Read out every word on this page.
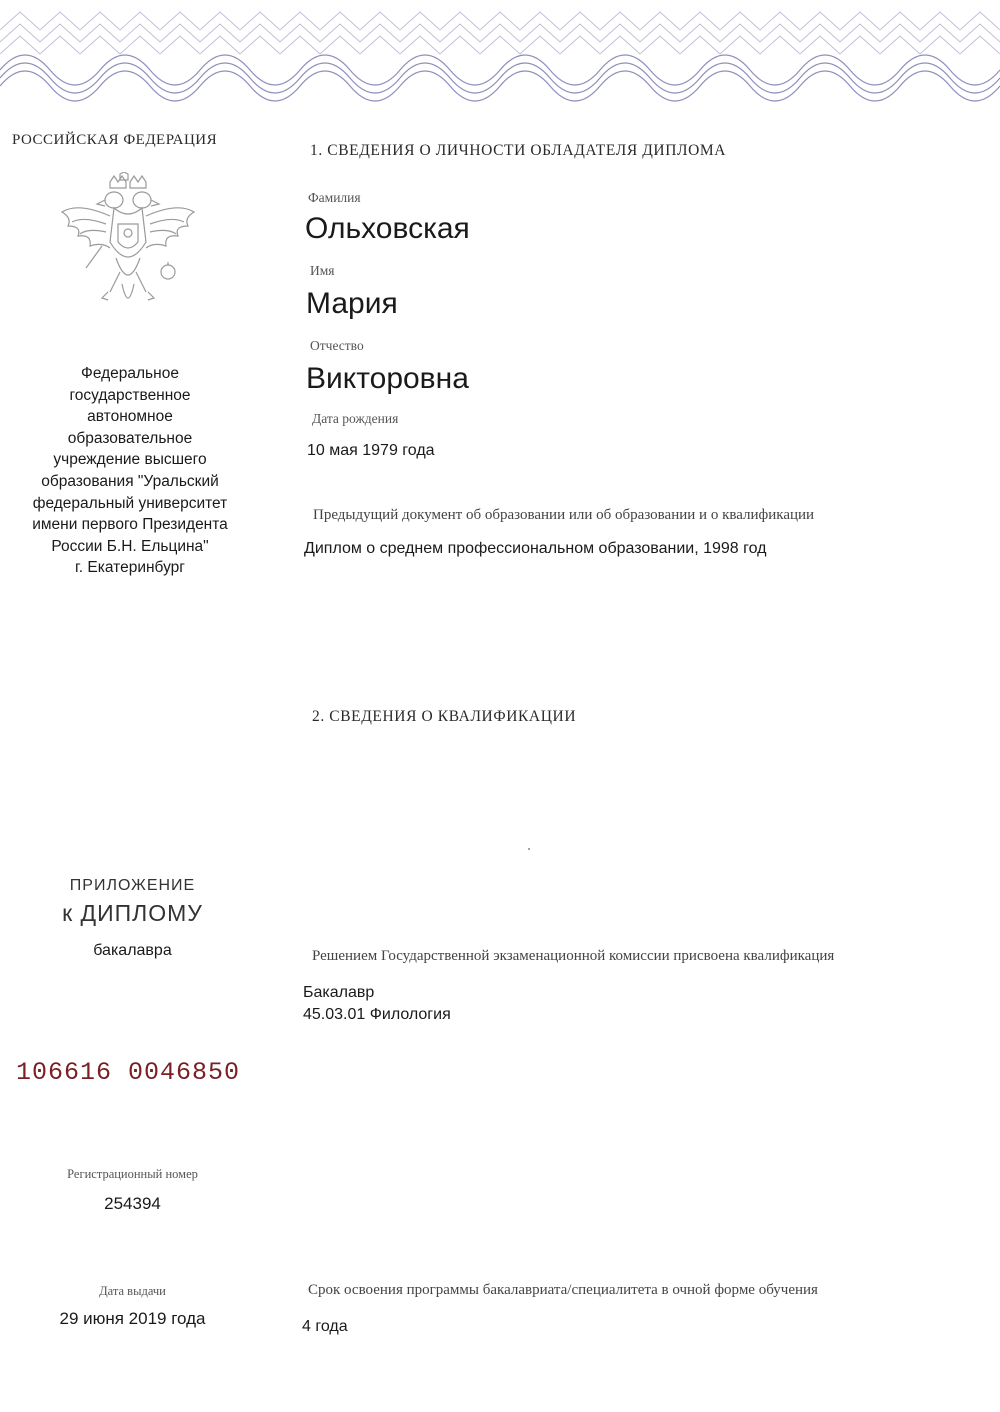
РОССИЙСКАЯ ФЕДЕРАЦИЯ
Федеральное
государственное
автономное
образовательное
учреждение высшего
образования "Уральский
федеральный университет
имени первого Президента
России Б.Н. Ельцина"
г. Екатеринбург
ПРИЛОЖЕНИЕ
к ДИПЛОМУ
бакалавра
106616 0046850
Регистрационный номер
254394
Дата выдачи
29 июня 2019 года
1. СВЕДЕНИЯ О ЛИЧНОСТИ ОБЛАДАТЕЛЯ ДИПЛОМА
Фамилия
Ольховская
Имя
Мария
Отчество
Викторовна
Дата рождения
10 мая 1979 года
Предыдущий документ об образовании или об образовании и о квалификации
Диплом о среднем профессиональном образовании, 1998 год
2. СВЕДЕНИЯ О КВАЛИФИКАЦИИ
Решением Государственной экзаменационной комиссии присвоена квалификация
Бакалавр
45.03.01 Филология
Срок освоения программы бакалавриата/специалитета в очной форме обучения
4 года
